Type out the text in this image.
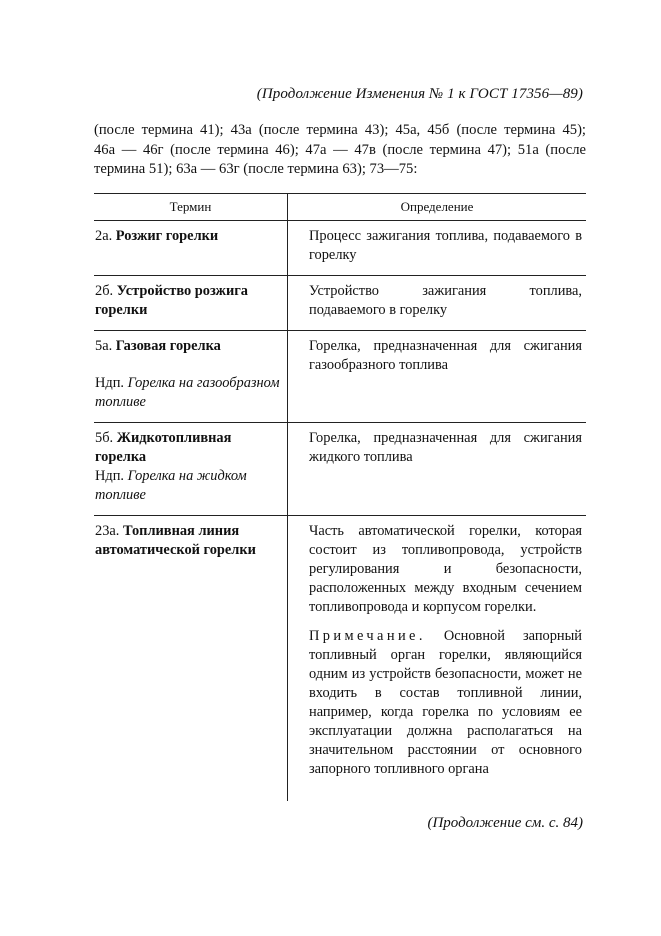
(Продолжение Изменения № 1 к ГОСТ 17356—89)
(после термина 41); 43а (после термина 43); 45а, 45б (после термина 45);
46а — 46г (после термина 46); 47а — 47в (после термина 47); 51а (после
термина 51); 63а — 63г (после термина 63); 73—75:
Термин	Определение
2а. Розжиг горелки	Процесс зажигания топлива, подаваемого в горелку

2б. Устройство розжига горелки

Устройство зажигания топлива, подаваемого в горелку

5а. Газовая горелка
Ндп. Горелка на газообразном топливе

Горелка, предназначенная для сжигания газообразного топлива

5б. Жидкотопливная горелка
Ндп. Горелка на жидком топливе

Горелка, предназначенная для сжигания жидкого топлива

23а. Топливная линия автоматической горелки

Часть автоматической горелки, которая состоит из топливопровода, устройств регулирования и безопасности, расположенных между входным сечением топливопровода и корпусом горелки.

Примечание. Основной запорный топливный орган горелки, являющийся одним из устройств безопасности, может не входить в состав топливной линии, например, когда горелка по условиям ее эксплуатации должна располагаться на значительном расстоянии от основного запорного топливного органа

(Продолжение см. с. 84)
